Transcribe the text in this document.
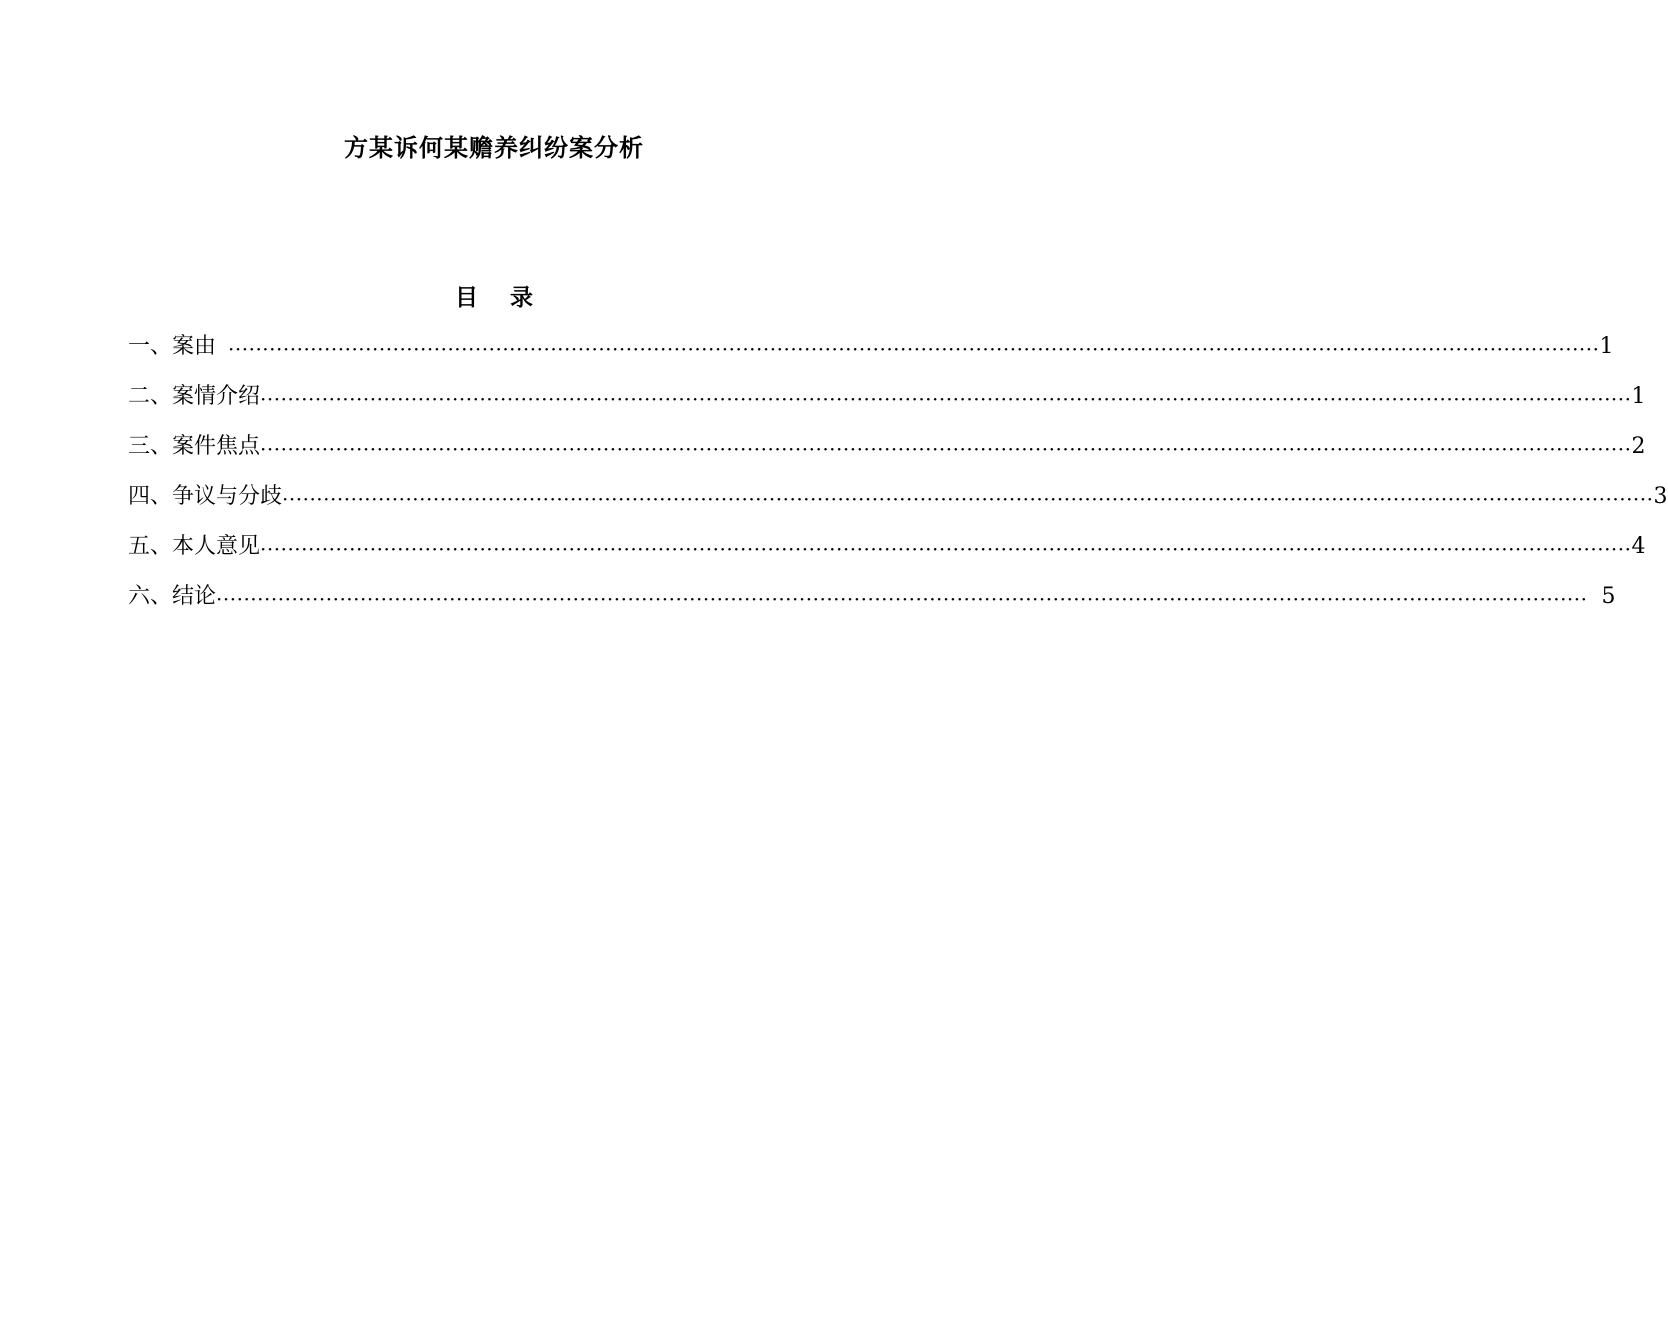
方某诉何某赡养纠纷案分析
目    录
一、案由 ········································································································································································································ 1
二、案情介绍 ········································································································································································································ 1
三、案件焦点 ········································································································································································································ 2
四、争议与分歧 ········································································································································································································ 3
五、本人意见 ········································································································································································································ 4
六、结论 ········································································································································································································ 5
